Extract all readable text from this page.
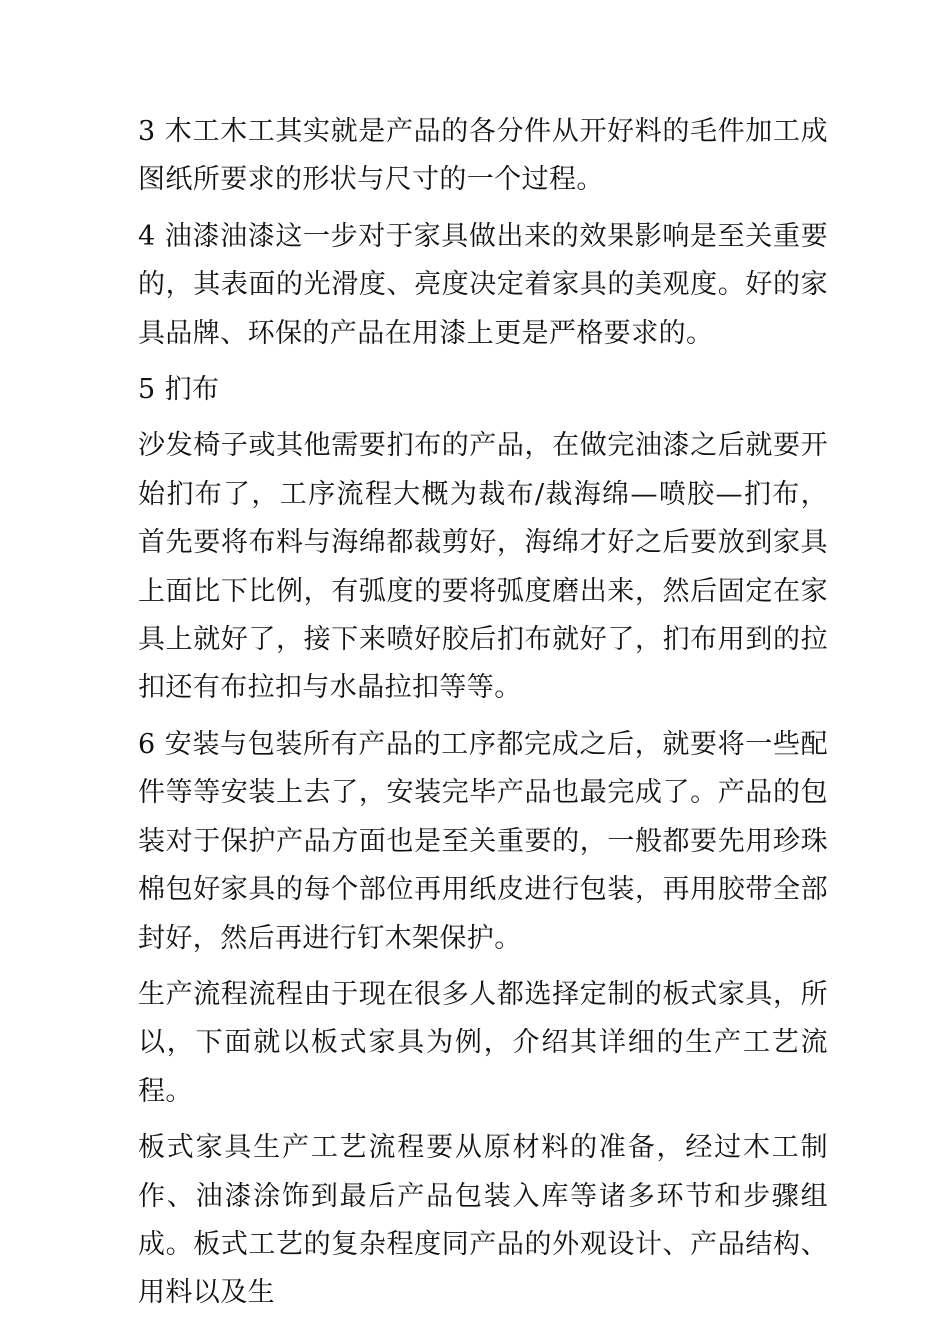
3 木工木工其实就是产品的各分件从开好料的毛件加工成图纸所要求的形状与尺寸的一个过程。

4 油漆油漆这一步对于家具做出来的效果影响是至关重要的，其表面的光滑度、亮度决定着家具的美观度。好的家具品牌、环保的产品在用漆上更是严格要求的。

5 扪布

沙发椅子或其他需要扪布的产品，在做完油漆之后就要开始扪布了，工序流程大概为裁布/裁海绵—喷胶—扪布，首先要将布料与海绵都裁剪好，海绵才好之后要放到家具上面比下比例，有弧度的要将弧度磨出来，然后固定在家具上就好了，接下来喷好胶后扪布就好了，扪布用到的拉扣还有布拉扣与水晶拉扣等等。

6 安装与包装所有产品的工序都完成之后，就要将一些配件等等安装上去了，安装完毕产品也最完成了。产品的包装对于保护产品方面也是至关重要的，一般都要先用珍珠棉包好家具的每个部位再用纸皮进行包装，再用胶带全部封好，然后再进行钉木架保护。

生产流程流程由于现在很多人都选择定制的板式家具，所以，下面就以板式家具为例，介绍其详细的生产工艺流程。

板式家具生产工艺流程要从原材料的准备，经过木工制作、油漆涂饰到最后产品包装入库等诸多环节和步骤组成。板式工艺的复杂程度同产品的外观设计、产品结构、用料以及生
